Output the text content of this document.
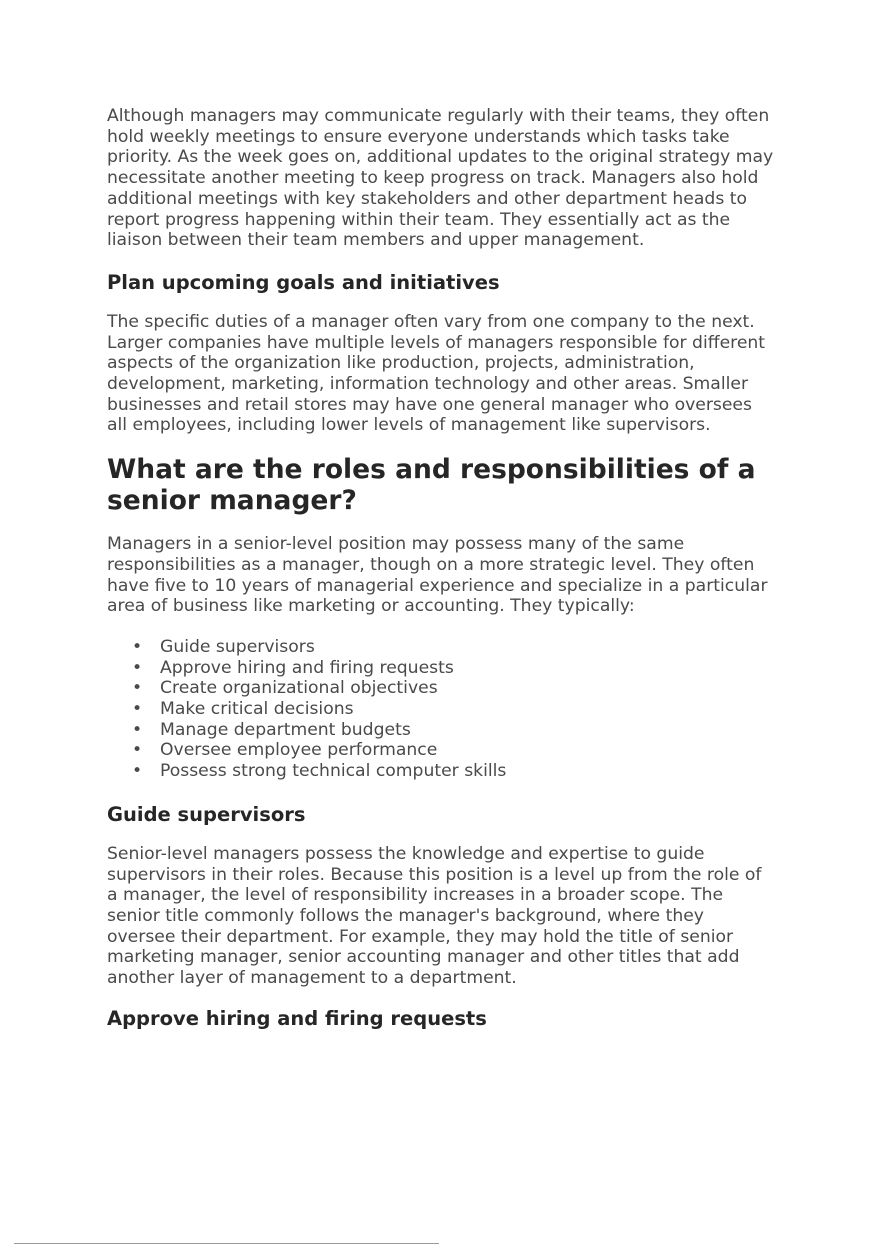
Although managers may communicate regularly with their teams, they often hold weekly meetings to ensure everyone understands which tasks take priority. As the week goes on, additional updates to the original strategy may necessitate another meeting to keep progress on track. Managers also hold additional meetings with key stakeholders and other department heads to report progress happening within their team. They essentially act as the liaison between their team members and upper management.

Plan upcoming goals and initiatives

The specific duties of a manager often vary from one company to the next. Larger companies have multiple levels of managers responsible for different aspects of the organization like production, projects, administration, development, marketing, information technology and other areas. Smaller businesses and retail stores may have one general manager who oversees all employees, including lower levels of management like supervisors.

What are the roles and responsibilities of a senior manager?

Managers in a senior-level position may possess many of the same responsibilities as a manager, though on a more strategic level. They often have five to 10 years of managerial experience and specialize in a particular area of business like marketing or accounting. They typically:

• Guide supervisors
• Approve hiring and firing requests
• Create organizational objectives
• Make critical decisions
• Manage department budgets
• Oversee employee performance
• Possess strong technical computer skills
Guide supervisors

Senior-level managers possess the knowledge and expertise to guide supervisors in their roles. Because this position is a level up from the role of a manager, the level of responsibility increases in a broader scope. The senior title commonly follows the manager's background, where they oversee their department. For example, they may hold the title of senior marketing manager, senior accounting manager and other titles that add another layer of management to a department.

Approve hiring and firing requests
